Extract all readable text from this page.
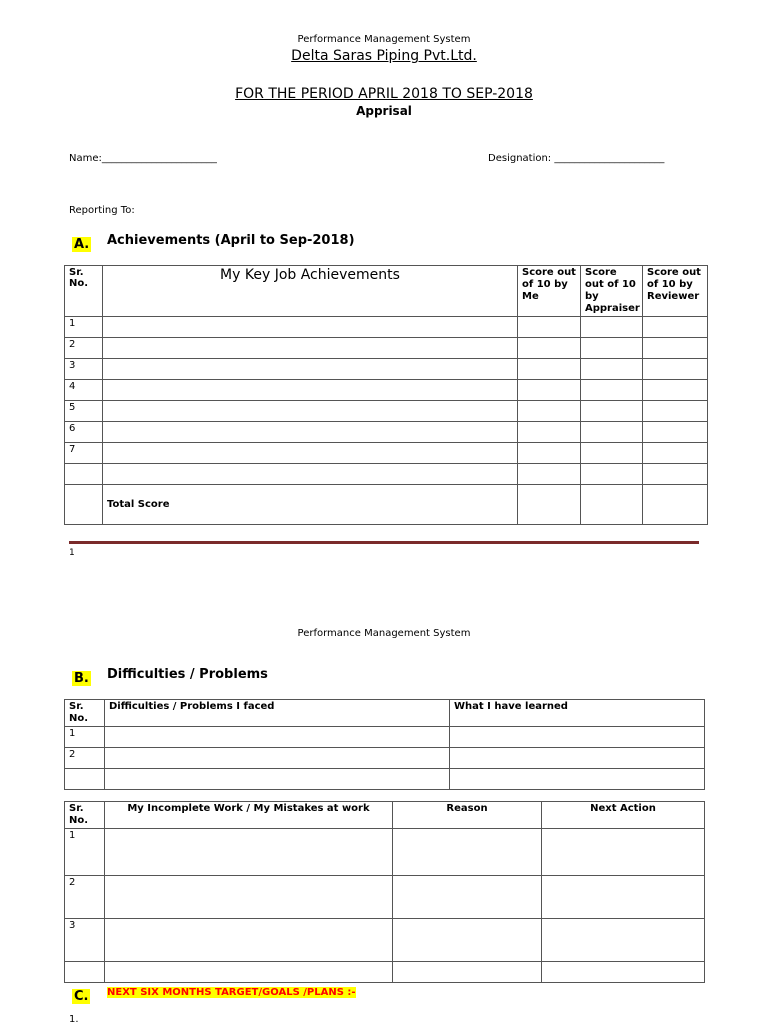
Performance Management System
Delta Saras Piping Pvt.Ltd.
FOR THE PERIOD APRIL 2018 TO SEP-2018
Apprisal
Name:_______________________	Designation: ______________________
Reporting To:
A. Achievements (April to Sep-2018)
Sr. No.	My Key Job Achievements	Score out of 10 by Me	Score out of 10 by Appraiser	Score out of 10 by Reviewer
1				
2				
3				
4				
5				
6				
7				

	Total Score			
1
Performance Management System
B. Difficulties / Problems
Sr. No.	Difficulties / Problems I faced	What I have learned
1		
2		

Sr. No.	My Incomplete Work / My Mistakes at work	Reason	Next Action
1			
2			
3			

C. NEXT SIX MONTHS TARGET/GOALS /PLANS :-
1.
